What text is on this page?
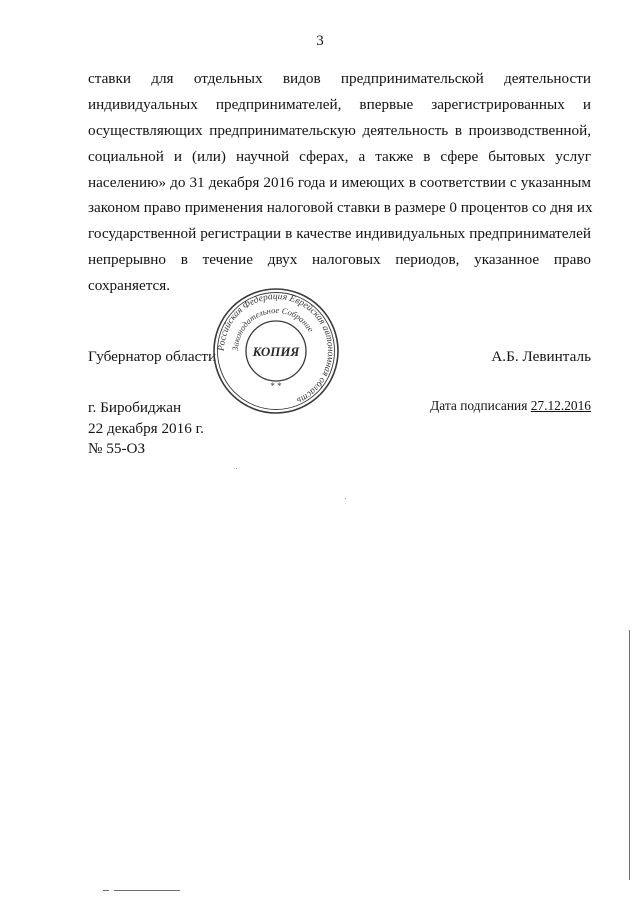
3
ставки для отдельных видов предпринимательской деятельности
индивидуальных предпринимателей, впервые зарегистрированных и
осуществляющих предпринимательскую деятельность в производственной,
социальной и (или) научной сферах, а также в сфере бытовых услуг
населению» до 31 декабря 2016 года и имеющих в соответствии с указанным
законом право применения налоговой ставки в размере 0 процентов со дня их
государственной регистрации в качестве индивидуальных предпринимателей
непрерывно в течение двух налоговых периодов, указанное право
сохраняется.
Губернатор области	А.Б. Левинталь
г. Биробиджан
22 декабря 2016 г.
№ 55-ОЗ
Дата подписания 27.12.2016
Российская Федерация Еврейская автономная область
Законодательное Собрание
КОПИЯ
* *
